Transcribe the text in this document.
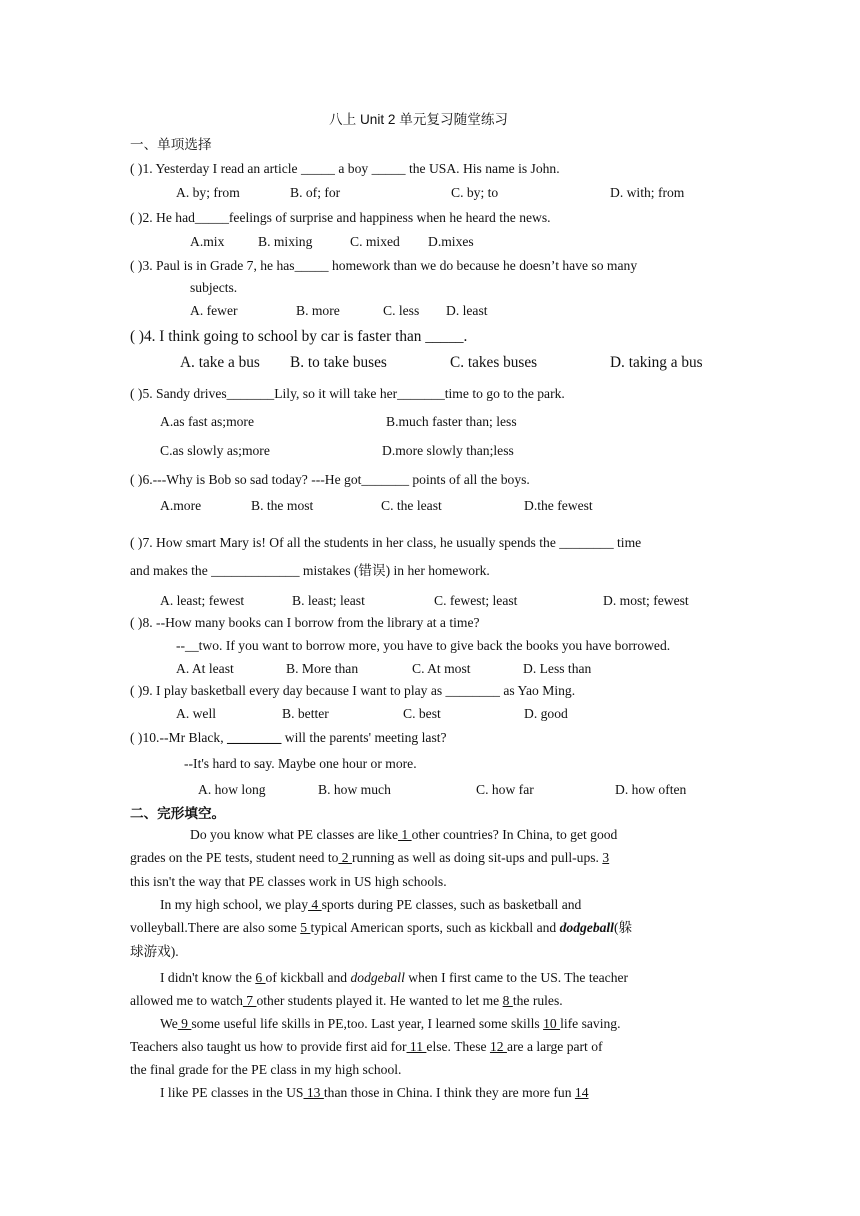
八上 Unit 2 单元复习随堂练习
一、单项选择
( )1. Yesterday I read an article _____ a boy _____ the USA. His name is John.
A. by; from	B. of; for	C. by; to	D. with; from
( )2. He had_____feelings of surprise and happiness when he heard the news.
A.mix B. mixing	C. mixed D.mixes
( )3. Paul is in Grade 7, he has_____ homework than we do because he doesn’t have so many
subjects.
A. fewer	B. more	C. less D. least
( )4. I think going to school by car is faster than _____.
A. take a bus B. to take buses	C. takes buses	D. taking a bus
( )5. Sandy drives_______Lily, so it will take her_______time to go to the park.
A.as fast as;more	B.much faster than; less
C.as slowly as;more	D.more slowly than;less
( )6.---Why is Bob so sad today? ---He got_______ points of all the boys.
A.more	B. the most	C. the least	D.the fewest
( )7. How smart Mary is! Of all the students in her class, he usually spends the ________ time
and makes the _____________ mistakes (错误) in her homework.
A. least; fewest	B. least; least	C. fewest; least	D. most; fewest
( )8. --How many books can I borrow from the library at a time?
--__two. If you want to borrow more, you have to give back the books you have borrowed.
A. At least	B. More than	C. At most	D. Less than
( )9. I play basketball every day because I want to play as ________ as Yao Ming.
A. well	B. better	C. best	D. good
( )10.--Mr Black, ________ will the parents' meeting last?
--It's hard to say. Maybe one hour or more.
A. how long	B. how much	C. how far	D. how often
二、完形填空。
Do you know what PE classes are like 1 other countries? In China, to get good
grades on the PE tests, student need to 2 running as well as doing sit-ups and pull-ups. 3
this isn't the way that PE classes work in US high schools.
In my high school, we play 4 sports during PE classes, such as basketball and
volleyball.There are also some 5 typical American sports, such as kickball and dodgeball(躲
球游戏).
I didn't know the 6 of kickball and dodgeball when I first came to the US. The teacher
allowed me to watch 7 other students played it. He wanted to let me 8 the rules.
We 9 some useful life skills in PE,too. Last year, I learned some skills 10 life saving.
Teachers also taught us how to provide first aid for 11 else. These 12 are a large part of
the final grade for the PE class in my high school.
I like PE classes in the US 13 than those in China. I think they are more fun 14
